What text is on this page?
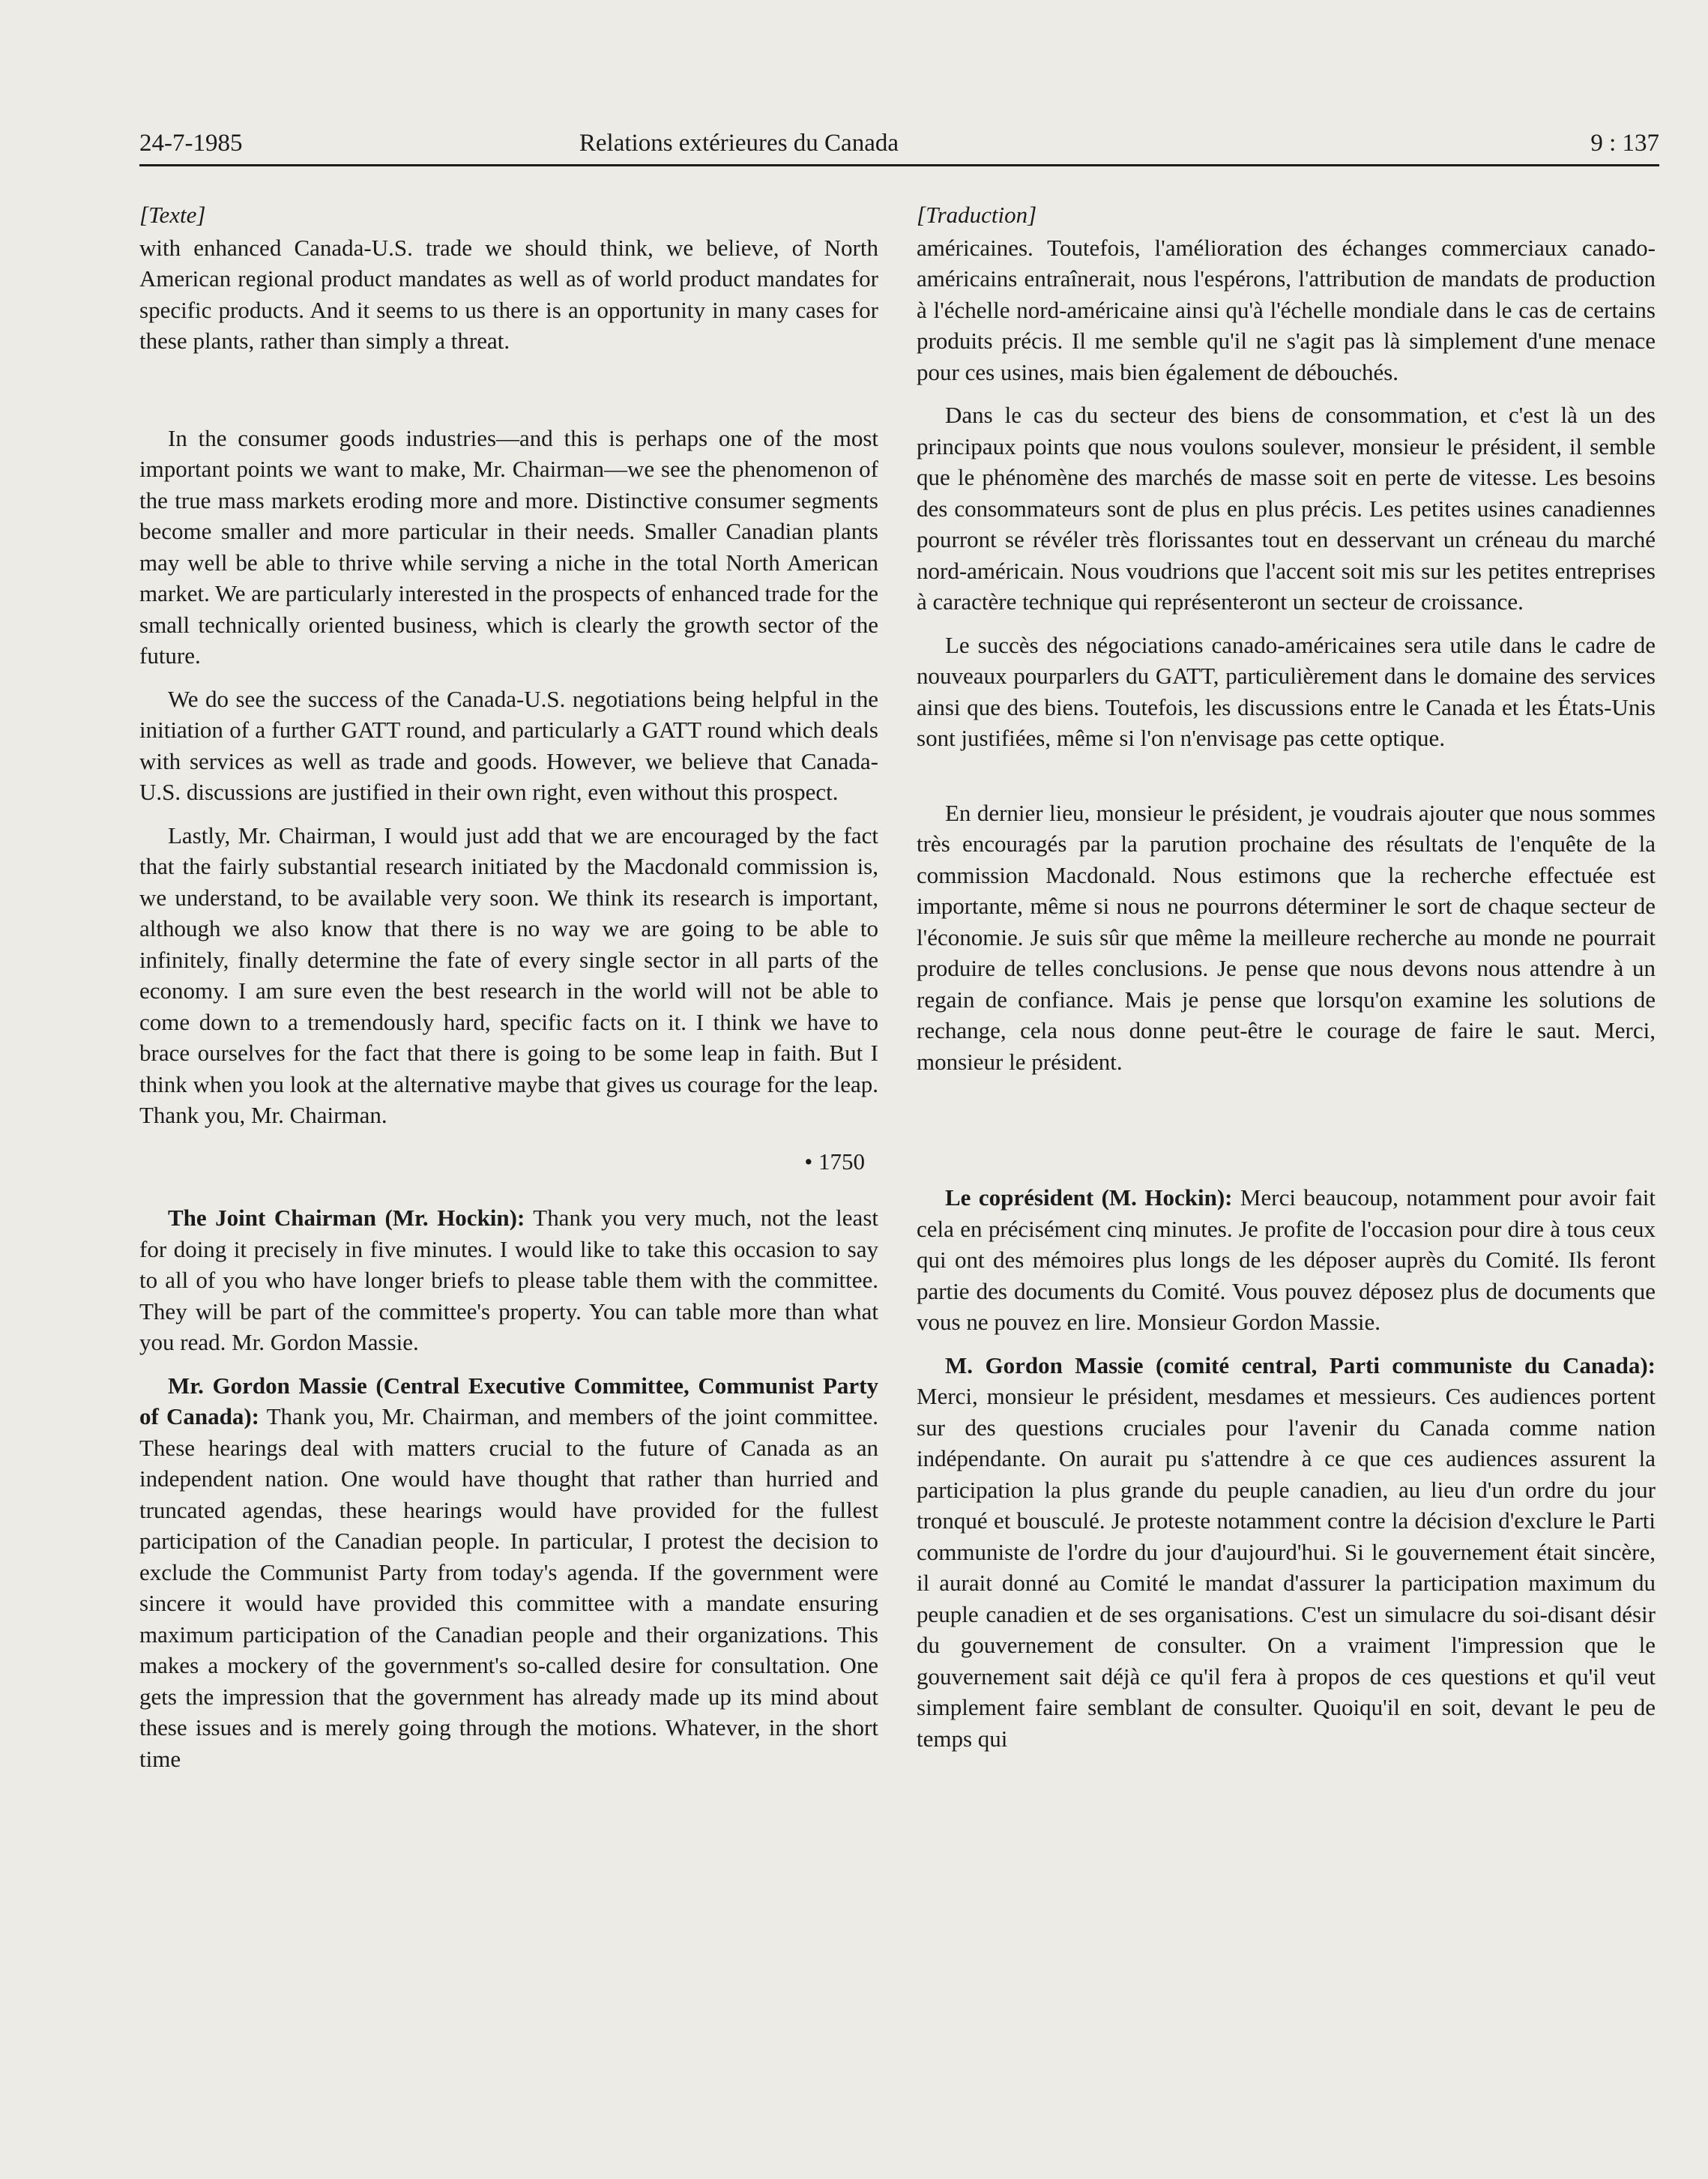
24-7-1985	Relations extérieures du Canada	9 : 137
[Texte]

with enhanced Canada-U.S. trade we should think, we believe, of North American regional product mandates as well as of world product mandates for specific products. And it seems to us there is an opportunity in many cases for these plants, rather than simply a threat.

In the consumer goods industries—and this is perhaps one of the most important points we want to make, Mr. Chairman—we see the phenomenon of the true mass markets eroding more and more. Distinctive consumer segments become smaller and more particular in their needs. Smaller Canadian plants may well be able to thrive while serving a niche in the total North American market. We are particularly interested in the prospects of enhanced trade for the small technically oriented business, which is clearly the growth sector of the future.

We do see the success of the Canada-U.S. negotiations being helpful in the initiation of a further GATT round, and particularly a GATT round which deals with services as well as trade and goods. However, we believe that Canada-U.S. discussions are justified in their own right, even without this prospect.

Lastly, Mr. Chairman, I would just add that we are encouraged by the fact that the fairly substantial research initiated by the Macdonald commission is, we understand, to be available very soon. We think its research is important, although we also know that there is no way we are going to be able to infinitely, finally determine the fate of every single sector in all parts of the economy. I am sure even the best research in the world will not be able to come down to a tremendously hard, specific facts on it. I think we have to brace ourselves for the fact that there is going to be some leap in faith. But I think when you look at the alternative maybe that gives us courage for the leap. Thank you, Mr. Chairman.

• 1750

The Joint Chairman (Mr. Hockin): Thank you very much, not the least for doing it precisely in five minutes. I would like to take this occasion to say to all of you who have longer briefs to please table them with the committee. They will be part of the committee's property. You can table more than what you read. Mr. Gordon Massie.

Mr. Gordon Massie (Central Executive Committee, Communist Party of Canada): Thank you, Mr. Chairman, and members of the joint committee. These hearings deal with matters crucial to the future of Canada as an independent nation. One would have thought that rather than hurried and truncated agendas, these hearings would have provided for the fullest participation of the Canadian people. In particular, I protest the decision to exclude the Communist Party from today's agenda. If the government were sincere it would have provided this committee with a mandate ensuring maximum participation of the Canadian people and their organizations. This makes a mockery of the government's so-called desire for consultation. One gets the impression that the government has already made up its mind about these issues and is merely going through the motions. Whatever, in the short time

[Traduction]

américaines. Toutefois, l'amélioration des échanges commerciaux canado-américains entraînerait, nous l'espérons, l'attribution de mandats de production à l'échelle nord-américaine ainsi qu'à l'échelle mondiale dans le cas de certains produits précis. Il me semble qu'il ne s'agit pas là simplement d'une menace pour ces usines, mais bien également de débouchés.

Dans le cas du secteur des biens de consommation, et c'est là un des principaux points que nous voulons soulever, monsieur le président, il semble que le phénomène des marchés de masse soit en perte de vitesse. Les besoins des consommateurs sont de plus en plus précis. Les petites usines canadiennes pourront se révéler très florissantes tout en desservant un créneau du marché nord-américain. Nous voudrions que l'accent soit mis sur les petites entreprises à caractère technique qui représenteront un secteur de croissance.

Le succès des négociations canado-américaines sera utile dans le cadre de nouveaux pourparlers du GATT, particulièrement dans le domaine des services ainsi que des biens. Toutefois, les discussions entre le Canada et les États-Unis sont justifiées, même si l'on n'envisage pas cette optique.

En dernier lieu, monsieur le président, je voudrais ajouter que nous sommes très encouragés par la parution prochaine des résultats de l'enquête de la commission Macdonald. Nous estimons que la recherche effectuée est importante, même si nous ne pourrons déterminer le sort de chaque secteur de l'économie. Je suis sûr que même la meilleure recherche au monde ne pourrait produire de telles conclusions. Je pense que nous devons nous attendre à un regain de confiance. Mais je pense que lorsqu'on examine les solutions de rechange, cela nous donne peut-être le courage de faire le saut. Merci, monsieur le président.

Le coprésident (M. Hockin): Merci beaucoup, notamment pour avoir fait cela en précisément cinq minutes. Je profite de l'occasion pour dire à tous ceux qui ont des mémoires plus longs de les déposer auprès du Comité. Ils feront partie des documents du Comité. Vous pouvez déposez plus de documents que vous ne pouvez en lire. Monsieur Gordon Massie.

M. Gordon Massie (comité central, Parti communiste du Canada): Merci, monsieur le président, mesdames et messieurs. Ces audiences portent sur des questions cruciales pour l'avenir du Canada comme nation indépendante. On aurait pu s'attendre à ce que ces audiences assurent la participation la plus grande du peuple canadien, au lieu d'un ordre du jour tronqué et bousculé. Je proteste notamment contre la décision d'exclure le Parti communiste de l'ordre du jour d'aujourd'hui. Si le gouvernement était sincère, il aurait donné au Comité le mandat d'assurer la participation maximum du peuple canadien et de ses organisations. C'est un simulacre du soi-disant désir du gouvernement de consulter. On a vraiment l'impression que le gouvernement sait déjà ce qu'il fera à propos de ces questions et qu'il veut simplement faire semblant de consulter. Quoiqu'il en soit, devant le peu de temps qui
